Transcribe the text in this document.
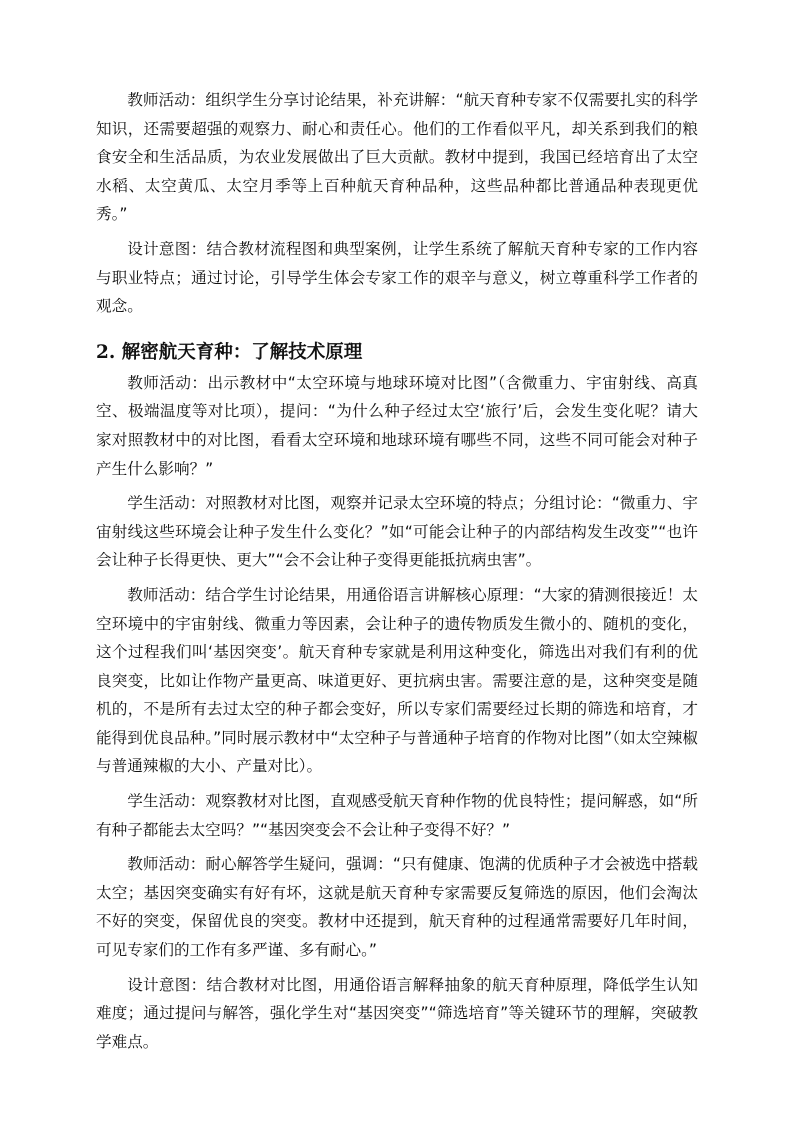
教师活动：组织学生分享讨论结果，补充讲解：“航天育种专家不仅需要扎实的科学知识，还需要超强的观察力、耐心和责任心。他们的工作看似平凡，却关系到我们的粮食安全和生活品质，为农业发展做出了巨大贡献。教材中提到，我国已经培育出了太空水稻、太空黄瓜、太空月季等上百种航天育种品种，这些品种都比普通品种表现更优秀。”

设计意图：结合教材流程图和典型案例，让学生系统了解航天育种专家的工作内容与职业特点；通过讨论，引导学生体会专家工作的艰辛与意义，树立尊重科学工作者的观念。

2. 解密航天育种：了解技术原理

教师活动：出示教材中“太空环境与地球环境对比图”（含微重力、宇宙射线、高真空、极端温度等对比项），提问：“为什么种子经过太空‘旅行’后，会发生变化呢？请大家对照教材中的对比图，看看太空环境和地球环境有哪些不同，这些不同可能会对种子产生什么影响？”

学生活动：对照教材对比图，观察并记录太空环境的特点；分组讨论：“微重力、宇宙射线这些环境会让种子发生什么变化？”如“可能会让种子的内部结构发生改变”“也许会让种子长得更快、更大”“会不会让种子变得更能抵抗病虫害”。

教师活动：结合学生讨论结果，用通俗语言讲解核心原理：“大家的猜测很接近！太空环境中的宇宙射线、微重力等因素，会让种子的遗传物质发生微小的、随机的变化，这个过程我们叫‘基因突变’。航天育种专家就是利用这种变化，筛选出对我们有利的优良突变，比如让作物产量更高、味道更好、更抗病虫害。需要注意的是，这种突变是随机的，不是所有去过太空的种子都会变好，所以专家们需要经过长期的筛选和培育，才能得到优良品种。”同时展示教材中“太空种子与普通种子培育的作物对比图”（如太空辣椒与普通辣椒的大小、产量对比）。

学生活动：观察教材对比图，直观感受航天育种作物的优良特性；提问解惑，如“所有种子都能去太空吗？”“基因突变会不会让种子变得不好？”

教师活动：耐心解答学生疑问，强调：“只有健康、饱满的优质种子才会被选中搭载太空；基因突变确实有好有坏，这就是航天育种专家需要反复筛选的原因，他们会淘汰不好的突变，保留优良的突变。教材中还提到，航天育种的过程通常需要好几年时间，可见专家们的工作有多严谨、多有耐心。”

设计意图：结合教材对比图，用通俗语言解释抽象的航天育种原理，降低学生认知难度；通过提问与解答，强化学生对“基因突变”“筛选培育”等关键环节的理解，突破教学难点。
